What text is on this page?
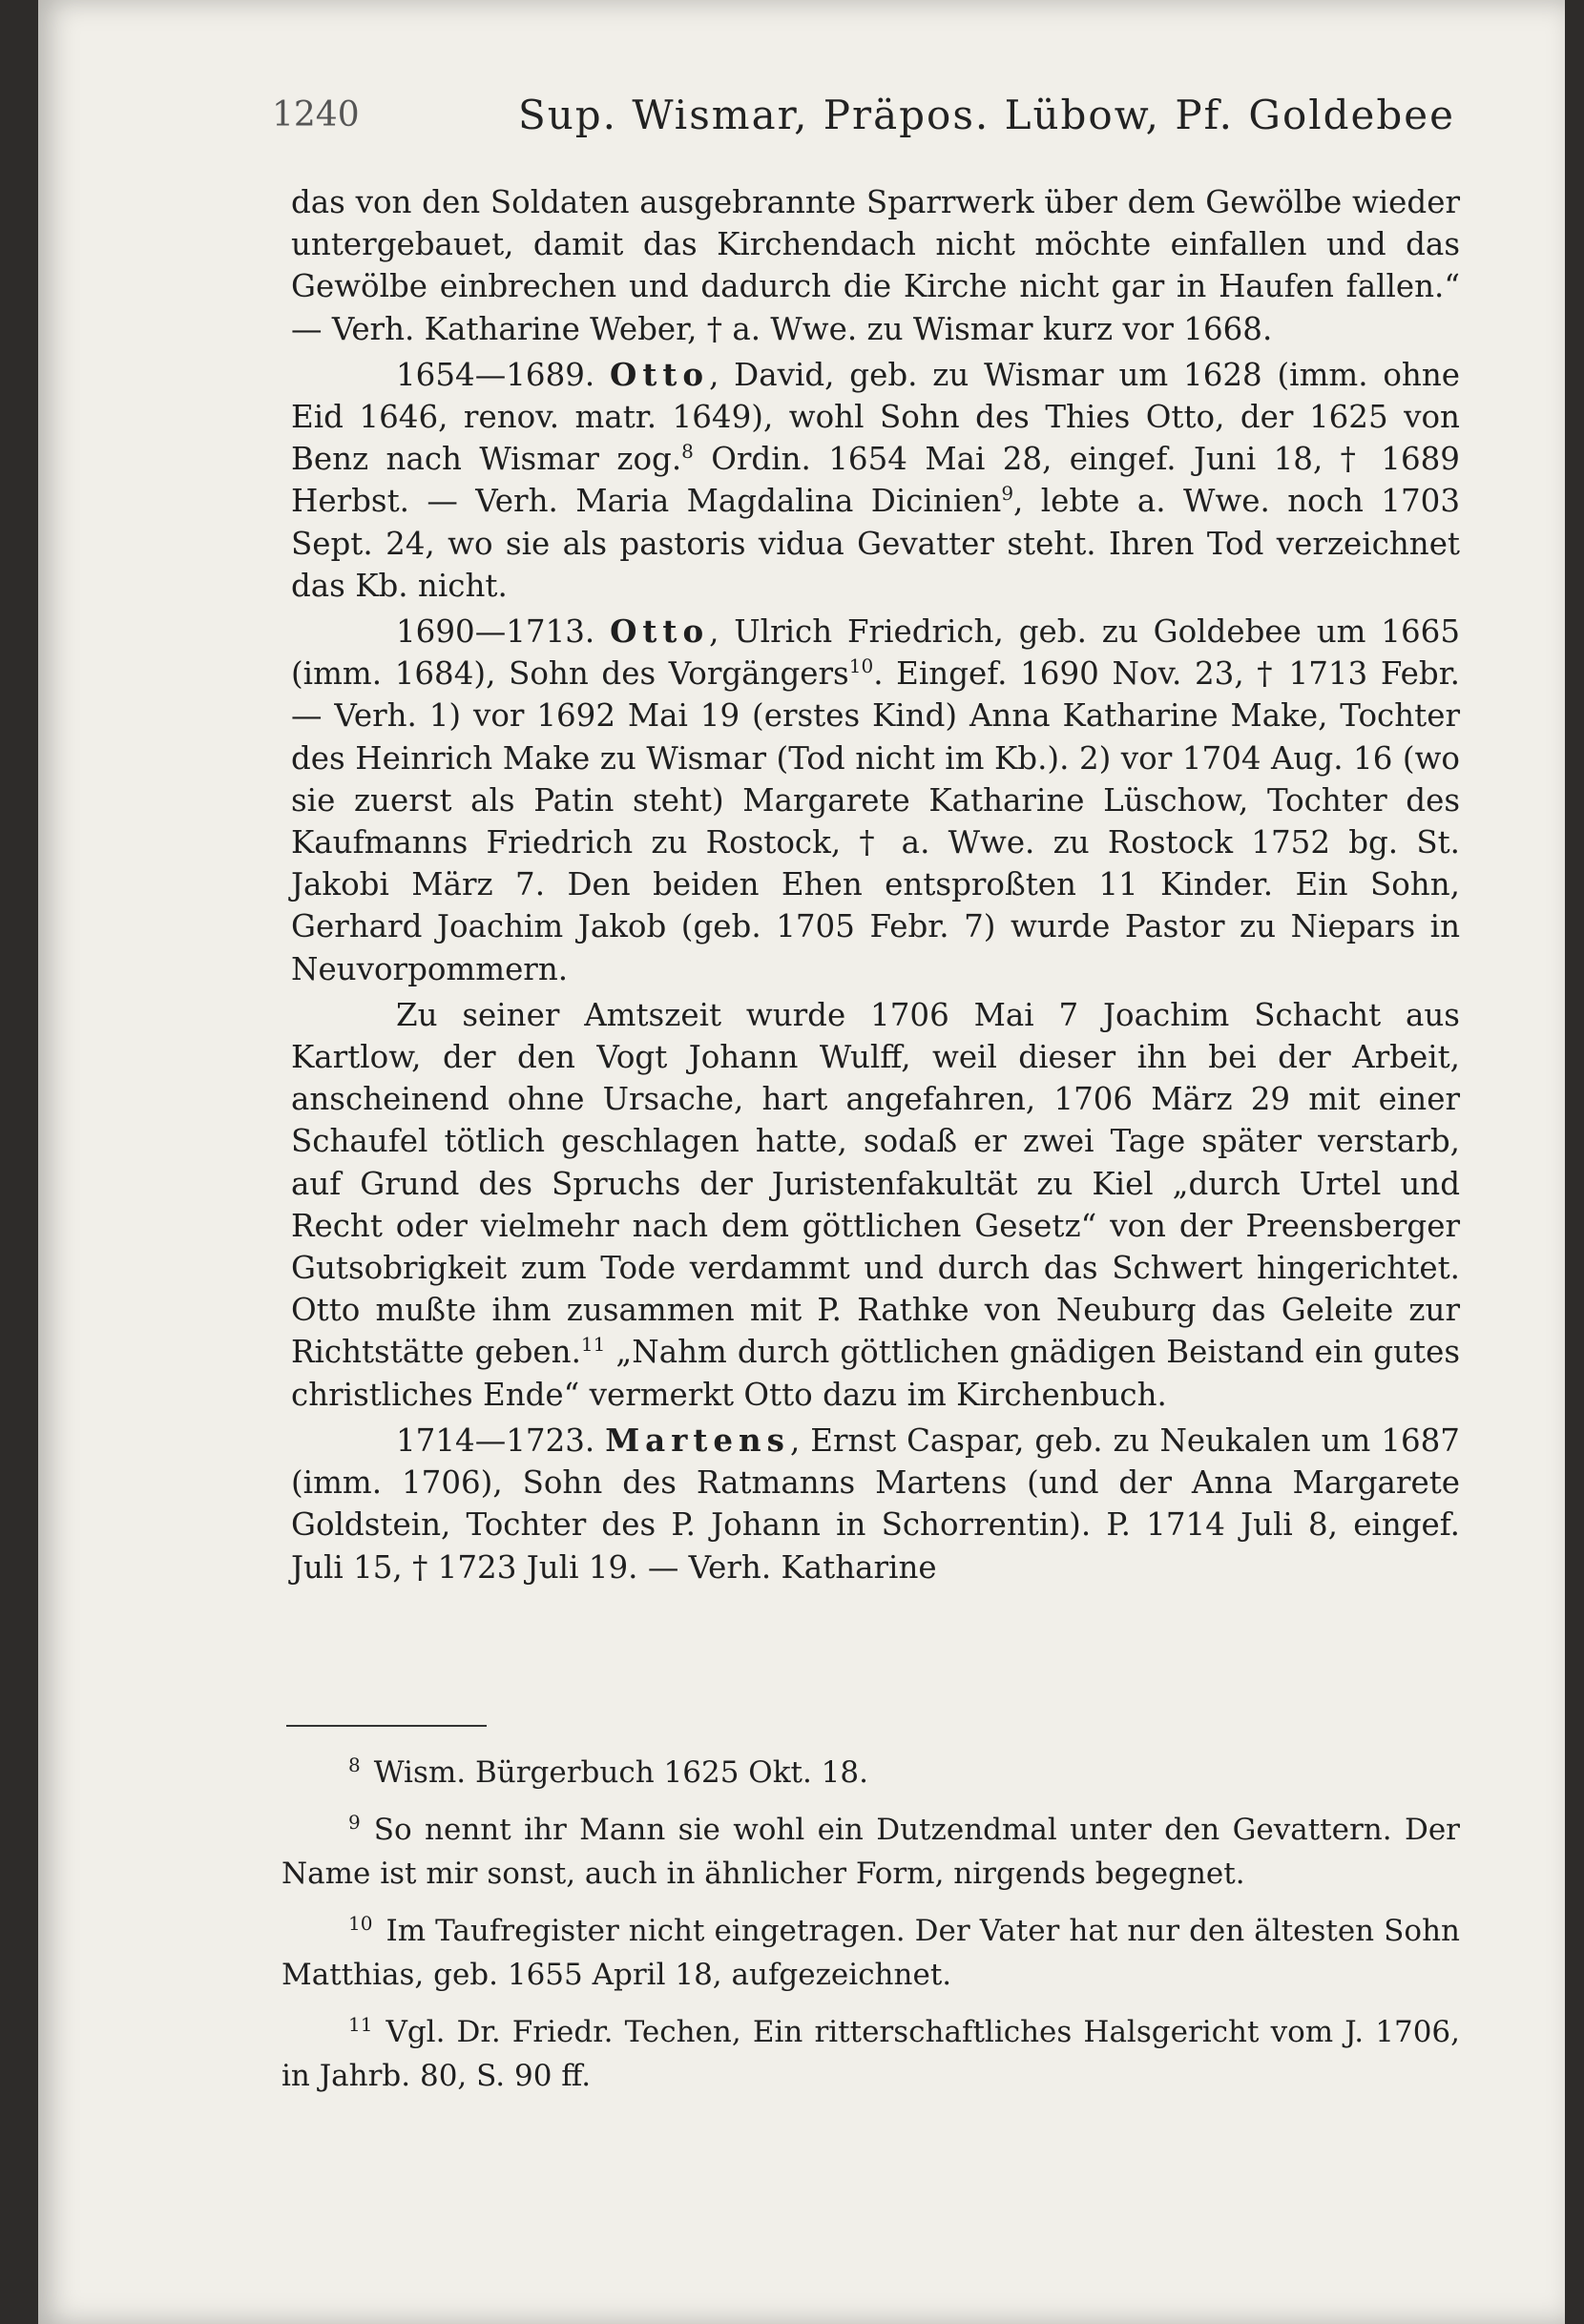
1240	Sup. Wismar, Präpos. Lübow, Pf. Goldebee

das von den Soldaten ausgebrannte Sparrwerk über dem Gewölbe wieder untergebauet, damit das Kirchendach nicht möchte einfallen und das Gewölbe einbrechen und dadurch die Kirche nicht gar in Haufen fallen.“ — Verh. Katharine Weber, † a. Wwe. zu Wismar kurz vor 1668.

1654—1689. Otto, David, geb. zu Wismar um 1628 (imm. ohne Eid 1646, renov. matr. 1649), wohl Sohn des Thies Otto, der 1625 von Benz nach Wismar zog.$^8$ Ordin. 1654 Mai 28, eingef. Juni 18, † 1689 Herbst. — Verh. Maria Magdalina Dicinien$^9$, lebte a. Wwe. noch 1703 Sept. 24, wo sie als pastoris vidua Gevatter steht. Ihren Tod verzeichnet das Kb. nicht.

1690—1713. Otto, Ulrich Friedrich, geb. zu Goldebee um 1665 (imm. 1684), Sohn des Vorgängers$^{10}$. Eingef. 1690 Nov. 23, † 1713 Febr. — Verh. 1) vor 1692 Mai 19 (erstes Kind) Anna Katharine Make, Tochter des Heinrich Make zu Wismar (Tod nicht im Kb.). 2) vor 1704 Aug. 16 (wo sie zuerst als Patin steht) Margarete Katharine Lüschow, Tochter des Kaufmanns Friedrich zu Rostock, † a. Wwe. zu Rostock 1752 bg. St. Jakobi März 7. Den beiden Ehen entsproßten 11 Kinder. Ein Sohn, Gerhard Joachim Jakob (geb. 1705 Febr. 7) wurde Pastor zu Niepars in Neuvorpommern.

Zu seiner Amtszeit wurde 1706 Mai 7 Joachim Schacht aus Kartlow, der den Vogt Johann Wulff, weil dieser ihn bei der Arbeit, anscheinend ohne Ursache, hart angefahren, 1706 März 29 mit einer Schaufel tötlich geschlagen hatte, sodaß er zwei Tage später verstarb, auf Grund des Spruchs der Juristenfakultät zu Kiel „durch Urtel und Recht oder vielmehr nach dem göttlichen Gesetz“ von der Preensberger Gutsobrigkeit zum Tode verdammt und durch das Schwert hingerichtet. Otto mußte ihm zusammen mit P. Rathke von Neuburg das Geleite zur Richtstätte geben.$^{11}$ „Nahm durch göttlichen gnädigen Beistand ein gutes christliches Ende“ vermerkt Otto dazu im Kirchenbuch.

1714—1723. Martens, Ernst Caspar, geb. zu Neukalen um 1687 (imm. 1706), Sohn des Ratmanns Martens (und der Anna Margarete Goldstein, Tochter des P. Johann in Schorrentin). P. 1714 Juli 8, eingef. Juli 15, † 1723 Juli 19. — Verh. Katharine

$^8$ Wism. Bürgerbuch 1625 Okt. 18.

$^9$ So nennt ihr Mann sie wohl ein Dutzendmal unter den Gevattern. Der Name ist mir sonst, auch in ähnlicher Form, nirgends begegnet.

$^{10}$ Im Taufregister nicht eingetragen. Der Vater hat nur den ältesten Sohn Matthias, geb. 1655 April 18, aufgezeichnet.

$^{11}$ Vgl. Dr. Friedr. Techen, Ein ritterschaftliches Halsgericht vom J. 1706, in Jahrb. 80, S. 90 ff.
